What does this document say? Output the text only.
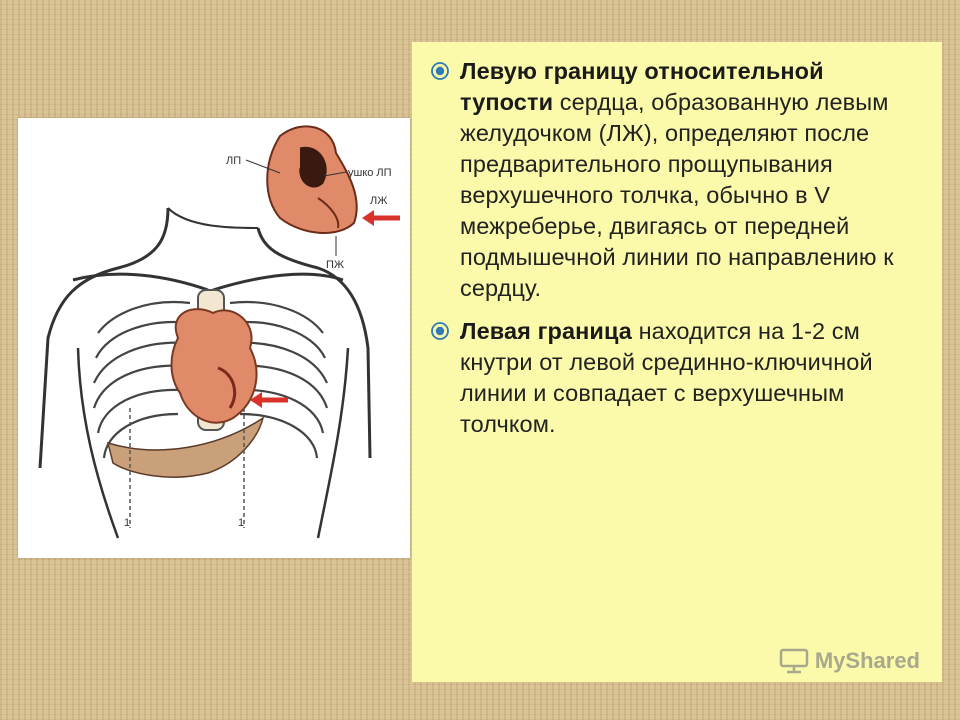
1	1
ЛП
ушко ЛП
ЛЖ
ПЖ
Левую границу относительной тупости сердца, образованную левым желудочком (ЛЖ), определяют после предварительного прощупывания верхушечного толчка, обычно в V межреберье, двигаясь от передней подмышечной линии по направлению к сердцу.
Левая граница находится на 1-2 см кнутри от левой срединно-ключичной линии и совпадает с верхушечным толчком.
MyShared
